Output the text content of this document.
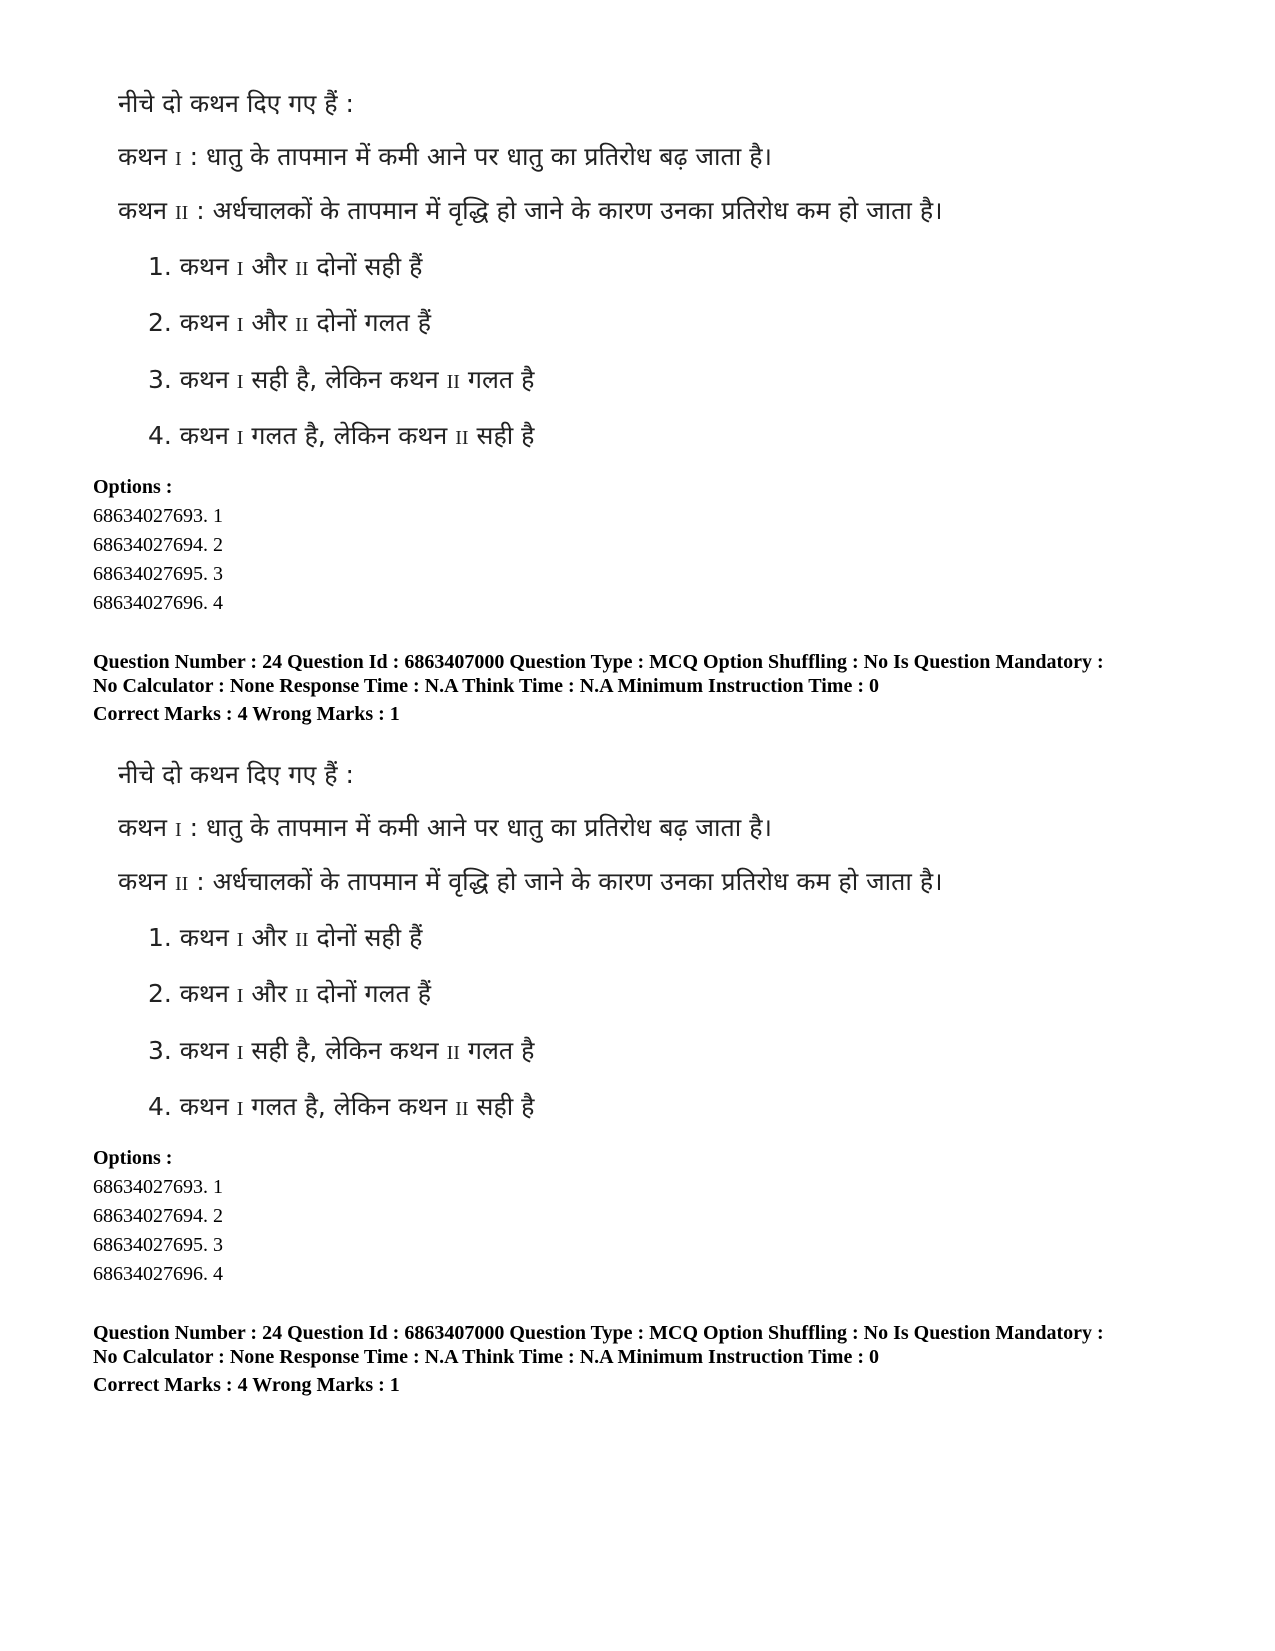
नीचे दो कथन दिए गए हैं :
कथन I : धातु के तापमान में कमी आने पर धातु का प्रतिरोध बढ़ जाता है।
कथन II : अर्धचालकों के तापमान में वृद्धि हो जाने के कारण उनका प्रतिरोध कम हो जाता है।
1. कथन I और II दोनों सही हैं
2. कथन I और II दोनों गलत हैं
3. कथन I सही है, लेकिन कथन II गलत है
4. कथन I गलत है, लेकिन कथन II सही है
Options :
68634027693. 1
68634027694. 2
68634027695. 3
68634027696. 4
Question Number : 24 Question Id : 6863407000 Question Type : MCQ Option Shuffling : No Is Question Mandatory :
No Calculator : None Response Time : N.A Think Time : N.A Minimum Instruction Time : 0
Correct Marks : 4 Wrong Marks : 1
नीचे दो कथन दिए गए हैं :
कथन I : धातु के तापमान में कमी आने पर धातु का प्रतिरोध बढ़ जाता है।
कथन II : अर्धचालकों के तापमान में वृद्धि हो जाने के कारण उनका प्रतिरोध कम हो जाता है।
1. कथन I और II दोनों सही हैं
2. कथन I और II दोनों गलत हैं
3. कथन I सही है, लेकिन कथन II गलत है
4. कथन I गलत है, लेकिन कथन II सही है
Options :
68634027693. 1
68634027694. 2
68634027695. 3
68634027696. 4
Question Number : 24 Question Id : 6863407000 Question Type : MCQ Option Shuffling : No Is Question Mandatory :
No Calculator : None Response Time : N.A Think Time : N.A Minimum Instruction Time : 0
Correct Marks : 4 Wrong Marks : 1
